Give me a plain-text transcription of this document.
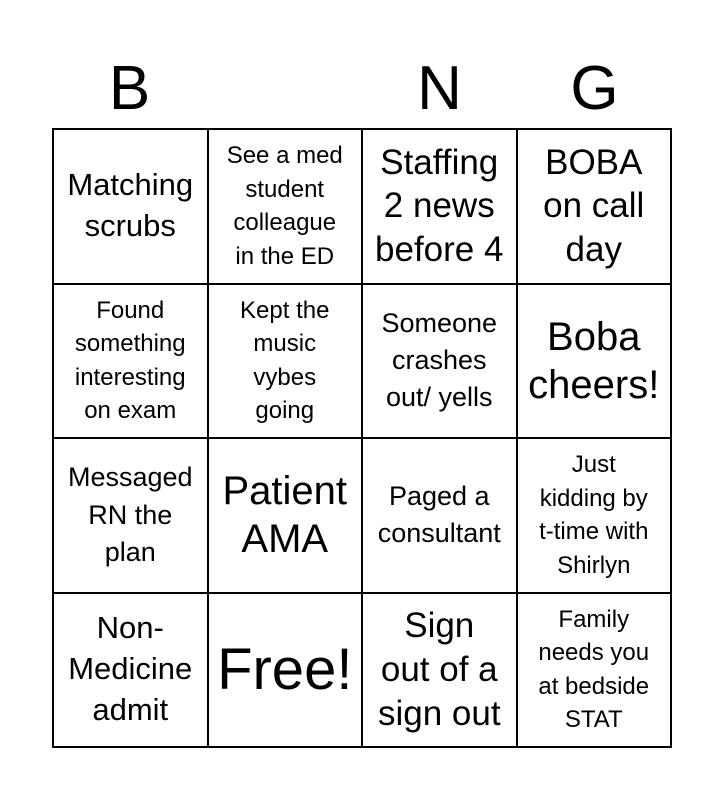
B	N	G
Matching
scrubs
See a med
student
colleague
in the ED
Staffing
2 news
before 4
BOBA
on call
day
Found
something
interesting
on exam
Kept the
music
vybes
going
Someone
crashes
out/ yells
Boba
cheers!
Messaged
RN the
plan
Patient
AMA
Paged a
consultant
Just
kidding by
t-time with
Shirlyn
Non-
Medicine
admit
Free!
Sign
out of a
sign out
Family
needs you
at bedside
STAT
